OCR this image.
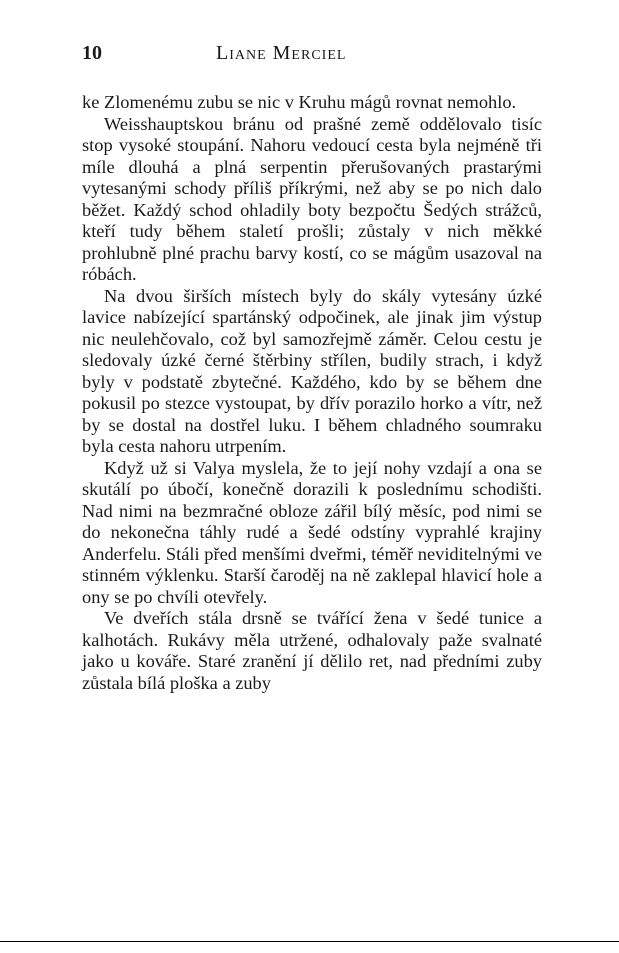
10	Liane Merciel

ke Zlomenému zubu se nic v Kruhu mágů rovnat nemohlo.

Weisshauptskou bránu od prašné země oddělovalo tisíc stop vysoké stoupání. Nahoru vedoucí cesta byla nejméně tři míle dlouhá a plná serpentin přerušovaných prastarými vytesanými schody příliš příkrými, než aby se po nich dalo běžet. Každý schod ohladily boty bezpočtu Šedých strážců, kteří tudy během staletí prošli; zůstaly v nich měkké prohlubně plné prachu barvy kostí, co se mágům usazoval na róbách.

Na dvou širších místech byly do skály vytesány úzké lavice nabízející spartánský odpočinek, ale jinak jim výstup nic neulehčovalo, což byl samozřejmě záměr. Celou cestu je sledovaly úzké černé štěrbiny střílen, budily strach, i když byly v podstatě zbytečné. Každého, kdo by se během dne pokusil po stezce vystoupat, by dřív porazilo horko a vítr, než by se dostal na dostřel luku. I během chladného soumraku byla cesta nahoru utrpením.

Když už si Valya myslela, že to její nohy vzdají a ona se skutálí po úbočí, konečně dorazili k poslednímu schodišti. Nad nimi na bezmračné obloze zářil bílý měsíc, pod nimi se do nekonečna táhly rudé a šedé odstíny vyprahlé krajiny Anderfelu. Stáli před menšími dveřmi, téměř neviditelnými ve stinném výklenku. Starší čaroděj na ně zaklepal hlavicí hole a ony se po chvíli otevřely.

Ve dveřích stála drsně se tvářící žena v šedé tunice a kalhotách. Rukávy měla utržené, odhalovaly paže svalnaté jako u kováře. Staré zranění jí dělilo ret, nad předními zuby zůstala bílá ploška a zuby
